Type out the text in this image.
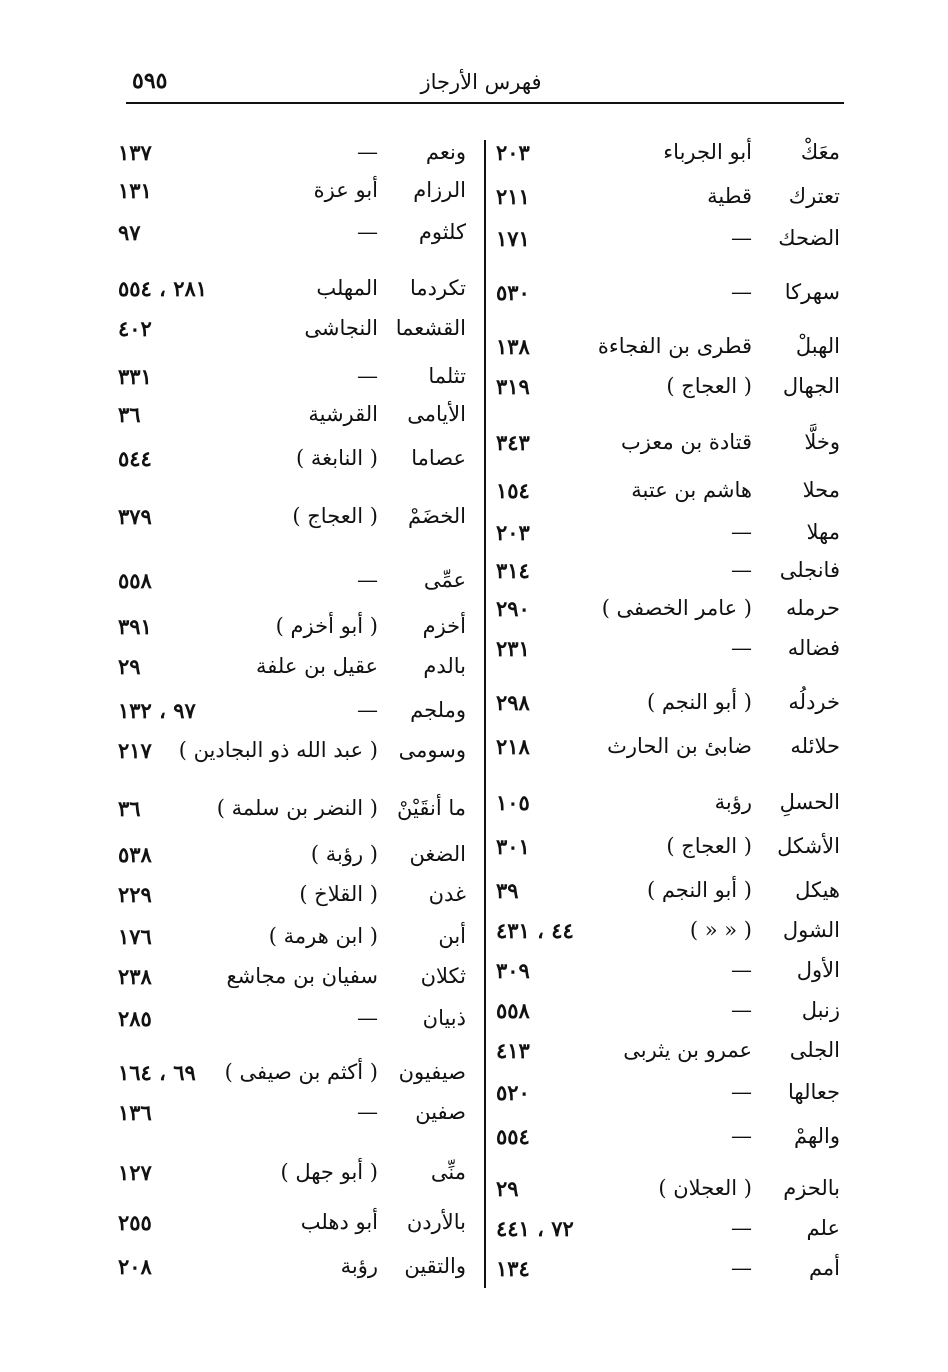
فهرس الأرجاز
٥٩٥
معَكْ
أبو الجرباء
٢٠٣
تعترك
قطية
٢١١
الضحك
—
١٧١
سهركا
—
٥٣٠
الهبلْ
قطرى بن الفجاءة
١٣٨
الجهال
( العجاج )
٣١٩
وخلَّا
قتادة بن معزب
٣٤٣
محلا
هاشم بن عتبة
١٥٤
مهلا
—
٢٠٣
فانجلى
—
٣١٤
حرمله
( عامر الخصفى )
٢٩٠
فضاله
—
٢٣١
خردلُه
( أبو النجم )
٢٩٨
حلائله
ضابئ بن الحارث
٢١٨
الحسلِ
رؤبة
١٠٥
الأشكل
( العجاج )
٣٠١
هيكل
( أبو النجم )
٣٩
الشول
( « « )
٤٤ ، ٤٣١
الأول
—
٣٠٩
زنبل
—
٥٥٨
الجلى
عمرو بن يثربى
٤١٣
جعالها
—
٥٢٠
والهمْ
—
٥٥٤
بالحزم
( العجلان )
٢٩
علم
—
٧٢ ، ٤٤١
أمم
—
١٣٤
ونعم
—
١٣٧
الرزام
أبو عزة
١٣١
كلثوم
—
٩٧
تكردما
المهلب
٢٨١ ، ٥٥٤
القشعما
النجاشى
٤٠٢
تثلما
—
٣٣١
الأيامى
القرشية
٣٦
عصاما
( النابغة )
٥٤٤
الخضَمْ
( العجاج )
٣٧٩
عمِّى
—
٥٥٨
أخزم
( أبو أخزم )
٣٩١
بالدم
عقيل بن علفة
٢٩
وملجم
—
٩٧ ، ١٣٢
وسومى
( عبد الله ذو البجادين )
٢١٧
ما أنقَيْنْ
( النضر بن سلمة )
٣٦
الضغن
( رؤبة )
٥٣٨
غدن
( القلاخ )
٢٢٩
أبن
( ابن هرمة )
١٧٦
ثكلان
سفيان بن مجاشع
٢٣٨
ذبيان
—
٢٨٥
صيفيون
( أكثم بن صيفى )
٦٩ ، ١٦٤
صفين
—
١٣٦
منِّى
( أبو جهل )
١٢٧
بالأردن
أبو دهلب
٢٥٥
والتقين
رؤبة
٢٠٨
